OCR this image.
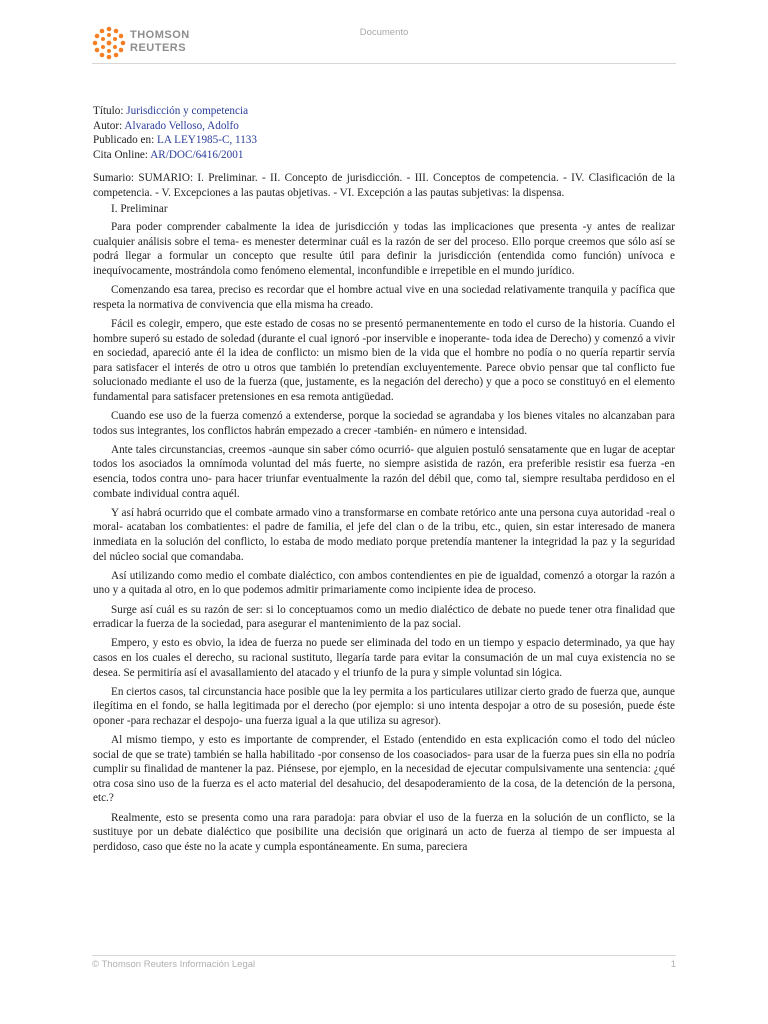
THOMSON
REUTERS
Documento
Título: Jurisdicción y competencia
Autor: Alvarado Velloso, Adolfo
Publicado en: LA LEY1985-C, 1133
Cita Online: AR/DOC/6416/2001
Sumario: SUMARIO: I. Preliminar. - II. Concepto de jurisdicción. - III. Conceptos de competencia. - IV. Clasificación de la competencia. - V. Excepciones a las pautas objetivas. - VI. Excepción a las pautas subjetivas: la dispensa.
I. Preliminar

Para poder comprender cabalmente la idea de jurisdicción y todas las implicaciones que presenta -y antes de realizar cualquier análisis sobre el tema- es menester determinar cuál es la razón de ser del proceso. Ello porque creemos que sólo así se podrá llegar a formular un concepto que resulte útil para definir la jurisdicción (entendida como función) unívoca e inequívocamente, mostrándola como fenómeno elemental, inconfundible e irrepetible en el mundo jurídico.

Comenzando esa tarea, preciso es recordar que el hombre actual vive en una sociedad relativamente tranquila y pacífica que respeta la normativa de convivencia que ella misma ha creado.

Fácil es colegir, empero, que este estado de cosas no se presentó permanentemente en todo el curso de la historia. Cuando el hombre superó su estado de soledad (durante el cual ignoró -por inservible e inoperante- toda idea de Derecho) y comenzó a vivir en sociedad, apareció ante él la idea de conflicto: un mismo bien de la vida que el hombre no podía o no quería repartir servía para satisfacer el interés de otro u otros que también lo pretendían excluyentemente. Parece obvio pensar que tal conflicto fue solucionado mediante el uso de la fuerza (que, justamente, es la negación del derecho) y que a poco se constituyó en el elemento fundamental para satisfacer pretensiones en esa remota antigüedad.

Cuando ese uso de la fuerza comenzó a extenderse, porque la sociedad se agrandaba y los bienes vitales no alcanzaban para todos sus integrantes, los conflictos habrán empezado a crecer -también- en número e intensidad.

Ante tales circunstancias, creemos -aunque sin saber cómo ocurrió- que alguien postuló sensatamente que en lugar de aceptar todos los asociados la omnímoda voluntad del más fuerte, no siempre asistida de razón, era preferible resistir esa fuerza -en esencia, todos contra uno- para hacer triunfar eventualmente la razón del débil que, como tal, siempre resultaba perdidoso en el combate individual contra aquél.

Y así habrá ocurrido que el combate armado vino a transformarse en combate retórico ante una persona cuya autoridad -real o moral- acataban los combatientes: el padre de familia, el jefe del clan o de la tribu, etc., quien, sin estar interesado de manera inmediata en la solución del conflicto, lo estaba de modo mediato porque pretendía mantener la integridad la paz y la seguridad del núcleo social que comandaba.

Así utilizando como medio el combate dialéctico, con ambos contendientes en pie de igualdad, comenzó a otorgar la razón a uno y a quitada al otro, en lo que podemos admitir primariamente como incipiente idea de proceso.

Surge así cuál es su razón de ser: si lo conceptuamos como un medio dialéctico de debate no puede tener otra finalidad que erradicar la fuerza de la sociedad, para asegurar el mantenimiento de la paz social.

Empero, y esto es obvio, la idea de fuerza no puede ser eliminada del todo en un tiempo y espacio determinado, ya que hay casos en los cuales el derecho, su racional sustituto, llegaría tarde para evitar la consumación de un mal cuya existencia no se desea. Se permitiría así el avasallamiento del atacado y el triunfo de la pura y simple voluntad sin lógica.

En ciertos casos, tal circunstancia hace posible que la ley permita a los particulares utilizar cierto grado de fuerza que, aunque ilegítima en el fondo, se halla legitimada por el derecho (por ejemplo: si uno intenta despojar a otro de su posesión, puede éste oponer -para rechazar el despojo- una fuerza igual a la que utiliza su agresor).

Al mismo tiempo, y esto es importante de comprender, el Estado (entendido en esta explicación como el todo del núcleo social de que se trate) también se halla habilitado -por consenso de los coasociados- para usar de la fuerza pues sin ella no podría cumplir su finalidad de mantener la paz. Piénsese, por ejemplo, en la necesidad de ejecutar compulsivamente una sentencia: ¿qué otra cosa sino uso de la fuerza es el acto material del desahucio, del desapoderamiento de la cosa, de la detención de la persona, etc.?

Realmente, esto se presenta como una rara paradoja: para obviar el uso de la fuerza en la solución de un conflicto, se la sustituye por un debate dialéctico que posibilite una decisión que originará un acto de fuerza al tiempo de ser impuesta al perdidoso, caso que éste no la acate y cumpla espontáneamente. En suma, pareciera

© Thomson Reuters Información Legal	1
